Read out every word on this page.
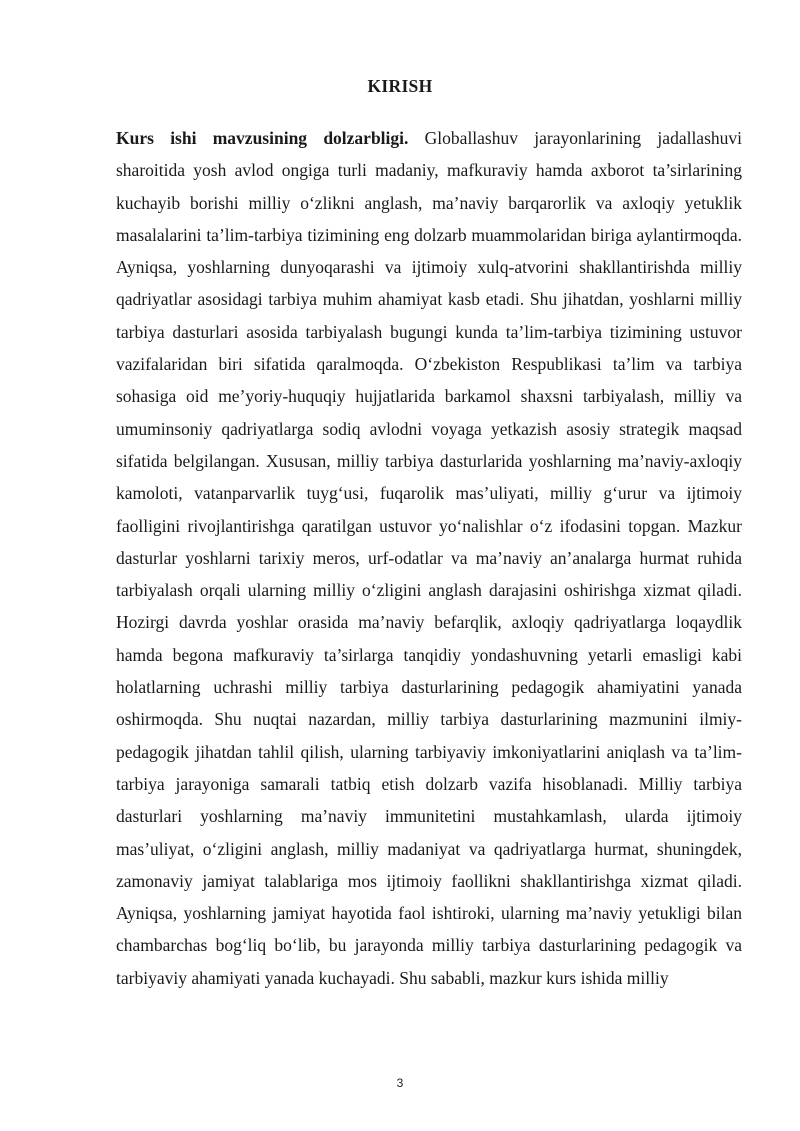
KIRISH

Kurs ishi mavzusining dolzarbligi. Globallashuv jarayonlarining jadallashuvi sharoitida yosh avlod ongiga turli madaniy, mafkuraviy hamda axborot ta’sirlarining kuchayib borishi milliy o‘zlikni anglash, ma’naviy barqarorlik va axloqiy yetuklik masalalarini ta’lim-tarbiya tizimining eng dolzarb muammolaridan biriga aylantirmoqda. Ayniqsa, yoshlarning dunyoqarashi va ijtimoiy xulq-atvorini shakllantirishda milliy qadriyatlar asosidagi tarbiya muhim ahamiyat kasb etadi. Shu jihatdan, yoshlarni milliy tarbiya dasturlari asosida tarbiyalash bugungi kunda ta’lim-tarbiya tizimining ustuvor vazifalaridan biri sifatida qaralmoqda. O‘zbekiston Respublikasi ta’lim va tarbiya sohasiga oid me’yoriy-huquqiy hujjatlarida barkamol shaxsni tarbiyalash, milliy va umuminsoniy qadriyatlarga sodiq avlodni voyaga yetkazish asosiy strategik maqsad sifatida belgilangan. Xususan, milliy tarbiya dasturlarida yoshlarning ma’naviy-axloqiy kamoloti, vatanparvarlik tuyg‘usi, fuqarolik mas’uliyati, milliy g‘urur va ijtimoiy faolligini rivojlantirishga qaratilgan ustuvor yo‘nalishlar o‘z ifodasini topgan. Mazkur dasturlar yoshlarni tarixiy meros, urf-odatlar va ma’naviy an’analarga hurmat ruhida tarbiyalash orqali ularning milliy o‘zligini anglash darajasini oshirishga xizmat qiladi. Hozirgi davrda yoshlar orasida ma’naviy befarqlik, axloqiy qadriyatlarga loqaydlik hamda begona mafkuraviy ta’sirlarga tanqidiy yondashuvning yetarli emasligi kabi holatlarning uchrashi milliy tarbiya dasturlarining pedagogik ahamiyatini yanada oshirmoqda. Shu nuqtai nazardan, milliy tarbiya dasturlarining mazmunini ilmiy-pedagogik jihatdan tahlil qilish, ularning tarbiyaviy imkoniyatlarini aniqlash va ta’lim-tarbiya jarayoniga samarali tatbiq etish dolzarb vazifa hisoblanadi. Milliy tarbiya dasturlari yoshlarning ma’naviy immunitetini mustahkamlash, ularda ijtimoiy mas’uliyat, o‘zligini anglash, milliy madaniyat va qadriyatlarga hurmat, shuningdek, zamonaviy jamiyat talablariga mos ijtimoiy faollikni shakllantirishga xizmat qiladi. Ayniqsa, yoshlarning jamiyat hayotida faol ishtiroki, ularning ma’naviy yetukligi bilan chambarchas bog‘liq bo‘lib, bu jarayonda milliy tarbiya dasturlarining pedagogik va tarbiyaviy ahamiyati yanada kuchayadi. Shu sababli, mazkur kurs ishida milliy

3
